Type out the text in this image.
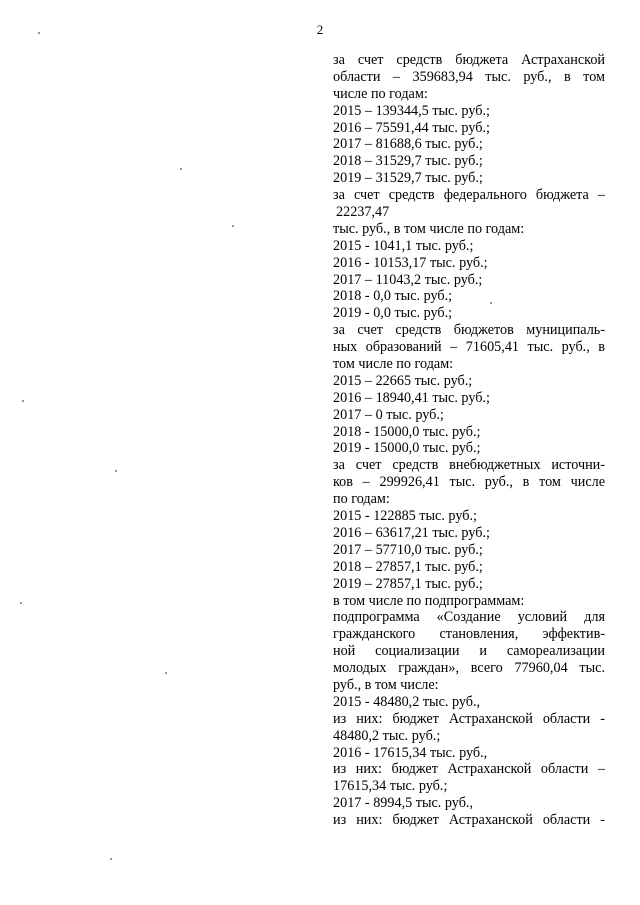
2
за счет средств бюджета Астраханской
области – 359683,94 тыс. руб., в том
числе по годам:
2015 – 139344,5 тыс. руб.;
2016 – 75591,44 тыс. руб.;
2017 – 81688,6 тыс. руб.;
2018 – 31529,7 тыс. руб.;
2019 – 31529,7 тыс. руб.;
за счет средств федерального бюджета –
22237,47
тыс. руб., в том числе по годам:
2015 - 1041,1 тыс. руб.;
2016 - 10153,17 тыс. руб.;
2017 – 11043,2 тыс. руб.;
2018 - 0,0 тыс. руб.;
2019 - 0,0 тыс. руб.;
за счет средств бюджетов муниципаль-
ных образований – 71605,41 тыс. руб., в
том числе по годам:
2015 – 22665 тыс. руб.;
2016 – 18940,41 тыс. руб.;
2017 – 0 тыс. руб.;
2018 - 15000,0 тыс. руб.;
2019 - 15000,0 тыс. руб.;
за счет средств внебюджетных источни-
ков – 299926,41 тыс. руб., в том числе
по годам:
2015 - 122885 тыс. руб.;
2016 – 63617,21 тыс. руб.;
2017 – 57710,0 тыс. руб.;
2018 – 27857,1 тыс. руб.;
2019 – 27857,1 тыс. руб.;
в том числе по подпрограммам:
подпрограмма «Создание условий для
гражданского становления, эффектив-
ной социализации и самореализации
молодых граждан», всего 77960,04 тыс.
руб., в том числе:
2015 - 48480,2 тыс. руб.,
из них: бюджет Астраханской области -
48480,2 тыс. руб.;
2016 - 17615,34 тыс. руб.,
из них: бюджет Астраханской области –
17615,34 тыс. руб.;
2017 - 8994,5 тыс. руб.,
из них: бюджет Астраханской области -
